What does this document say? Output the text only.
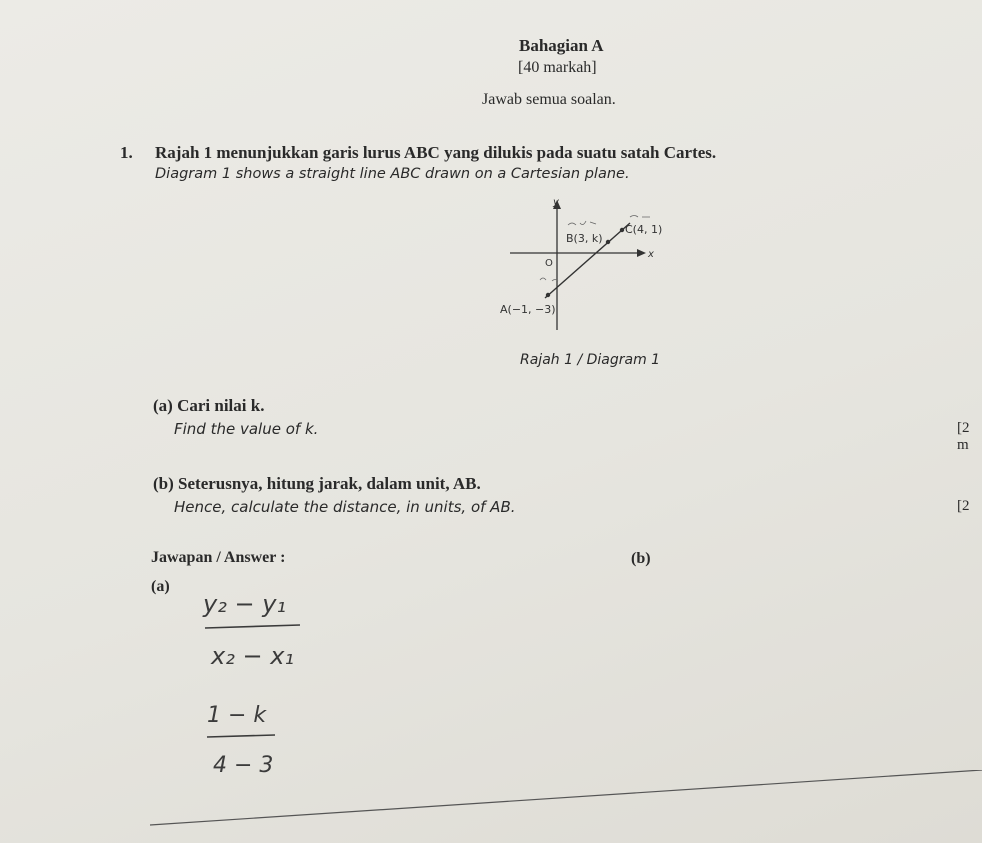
Bahagian A
[40 markah]
Jawab semua soalan.
1. Rajah 1 menunjukkan garis lurus ABC yang dilukis pada suatu satah Cartes.
Diagram 1 shows a straight line ABC drawn on a Cartesian plane.
y
x
O
A(−1, −3)
B(3, k)
C(4, 1)
Rajah 1 / Diagram 1
(a) Cari nilai k.
Find the value of k.	[2 m
(b) Seterusnya, hitung jarak, dalam unit, AB.
Hence, calculate the distance, in units, of AB.	[2
Jawapan / Answer :
(a)
(b)
y₂ − y₁
x₂ − x₁
1 − k
4 − 3
